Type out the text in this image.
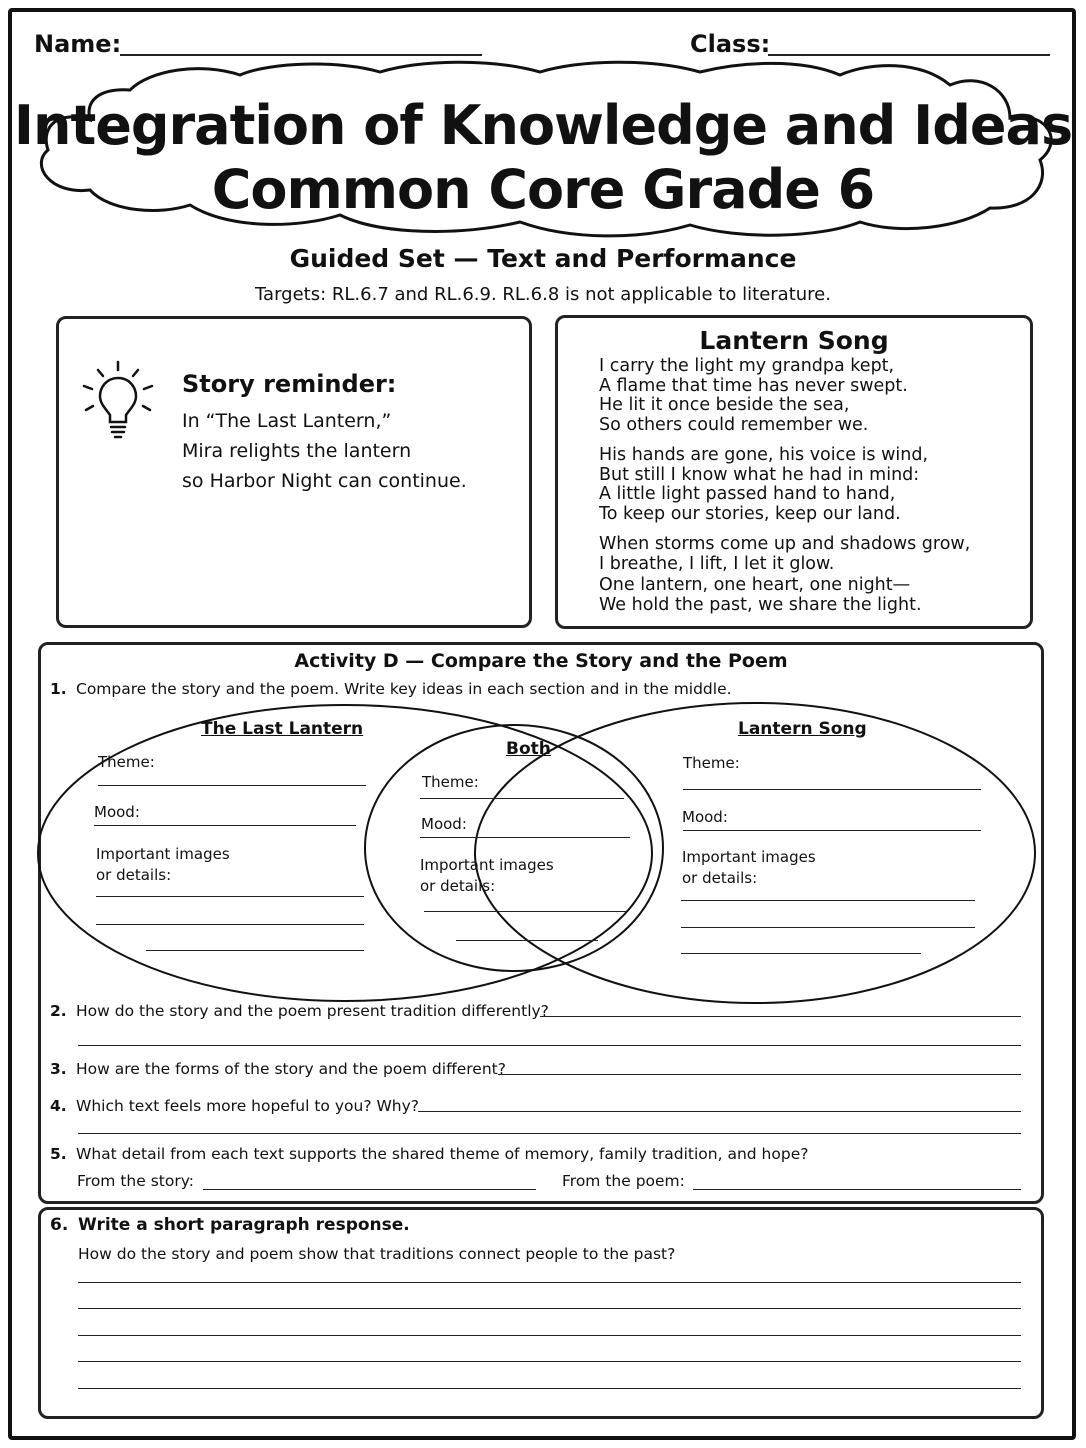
Name:	Class:
Integration of Knowledge and Ideas
Common Core Grade 6
Guided Set — Text and Performance
Targets: RL.6.7 and RL.6.9. RL.6.8 is not applicable to literature.
Story reminder:
In “The Last Lantern,”
Mira relights the lantern
so Harbor Night can continue.
Lantern Song
I carry the light my grandpa kept,
A flame that time has never swept.
He lit it once beside the sea,
So others could remember we.
His hands are gone, his voice is wind,
But still I know what he had in mind:
A little light passed hand to hand,
To keep our stories, keep our land.
When storms come up and shadows grow,
I breathe, I lift, I let it glow.
One lantern, one heart, one night—
We hold the past, we share the light.
Activity D — Compare the Story and the Poem
1. Compare the story and the poem. Write key ideas in each section and in the middle.
The Last Lantern
Both
Lantern Song
Theme:
Mood:
Important images
or details:
Theme:
Mood:
Important images
or details:
Theme:
Mood:
Important images
or details:
2. How do the story and the poem present tradition differently?
3. How are the forms of the story and the poem different?
4. Which text feels more hopeful to you? Why?
5. What detail from each text supports the shared theme of memory, family tradition, and hope?
From the story:	From the poem:
6. Write a short paragraph response.
How do the story and poem show that traditions connect people to the past?
